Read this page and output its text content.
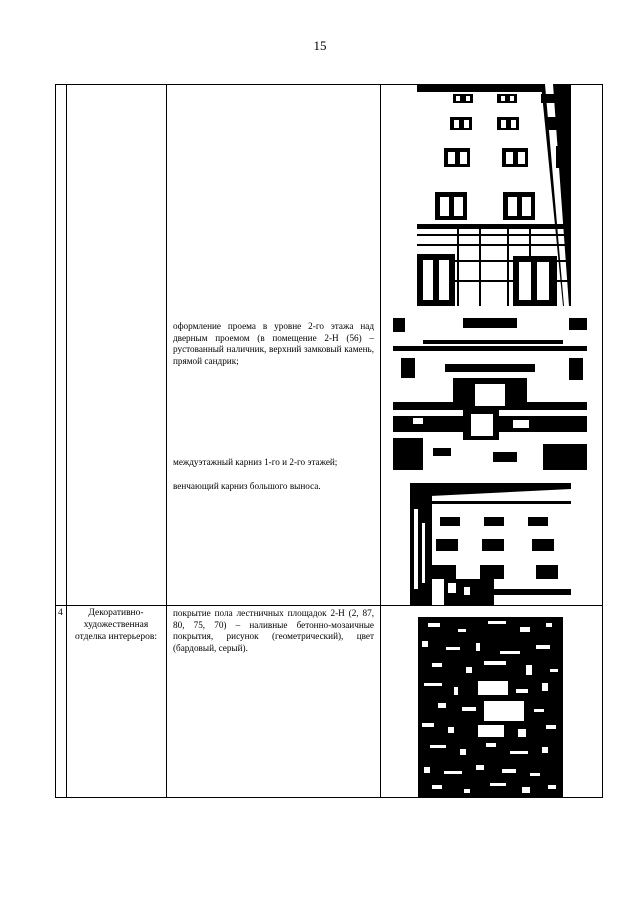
15
оформление проема в уровне 2-го этажа над дверным проемом (в помещение 2-Н (56) – рустованный наличник, верхний замковый камень, прямой сандрик;
междуэтажный карниз 1-го и 2-го этажей;
венчающий карниз большого выноса.
4	Декоративно-художественная отделка интерьеров:
покрытие пола лестничных площадок 2-Н (2, 87, 80, 75, 70) – наливные бетонно-мозаичные покрытия, рисунок (геометрический), цвет (бардовый, серый).
